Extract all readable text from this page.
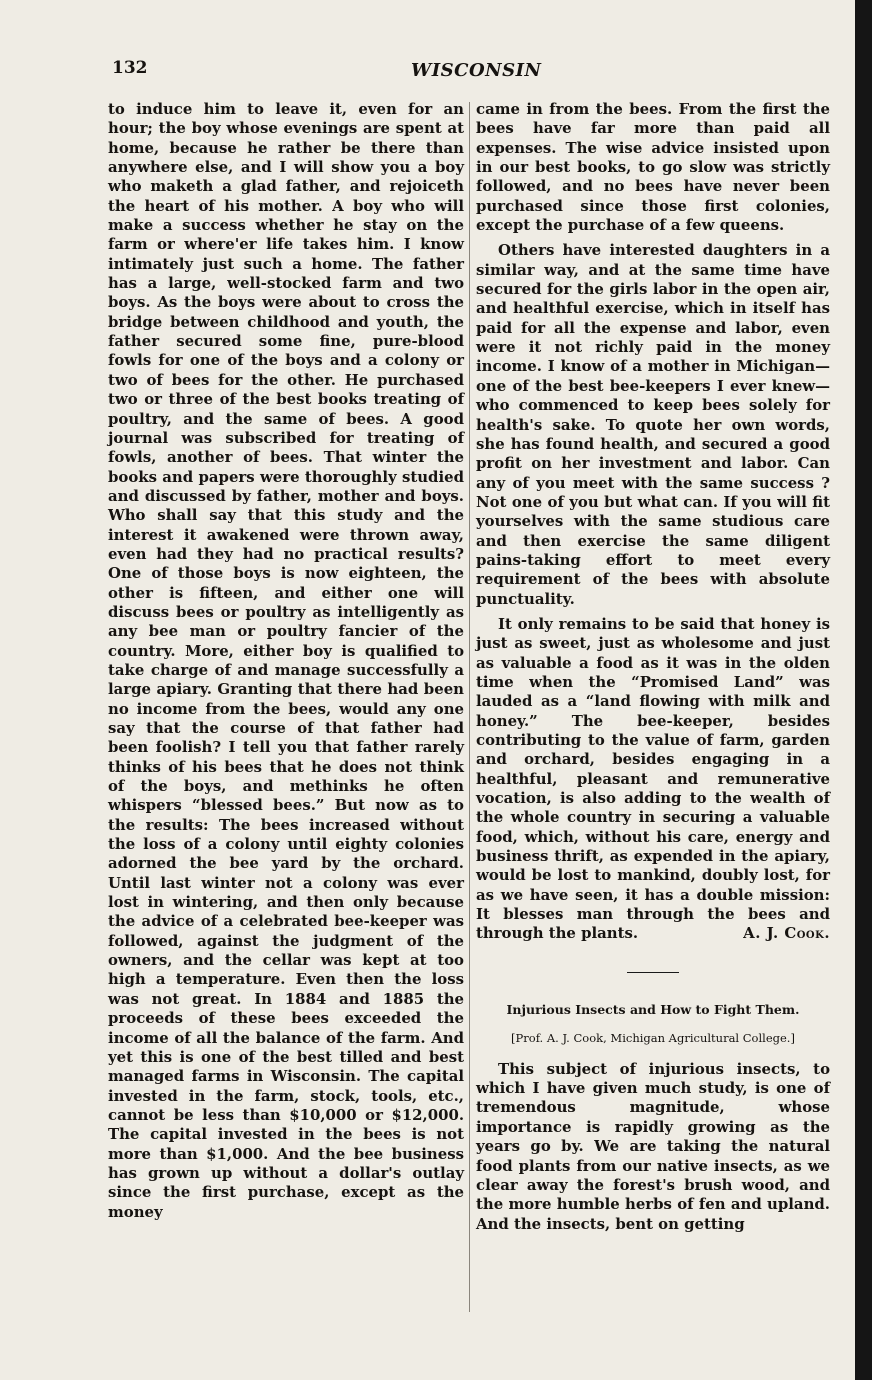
132	WISCONSIN

to induce him to leave it, even for an hour; the boy whose evenings are spent at home, because he rather be there than anywhere else, and I will show you a boy who maketh a glad father, and rejoiceth the heart of his mother. A boy who will make a success whether he stay on the farm or where'er life takes him. I know intimately just such a home. The father has a large, well-stocked farm and two boys. As the boys were about to cross the bridge between childhood and youth, the father secured some fine, pure-blood fowls for one of the boys and a colony or two of bees for the other. He purchased two or three of the best books treating of poultry, and the same of bees. A good journal was subscribed for treating of fowls, another of bees. That winter the books and papers were thoroughly studied and discussed by father, mother and boys. Who shall say that this study and the interest it awakened were thrown away, even had they had no practical results? One of those boys is now eighteen, the other is fifteen, and either one will discuss bees or poultry as intelligently as any bee man or poultry fancier of the country. More, either boy is qualified to take charge of and manage successfully a large apiary. Granting that there had been no income from the bees, would any one say that the course of that father had been foolish? I tell you that father rarely thinks of his bees that he does not think of the boys, and methinks he often whispers “blessed bees.” But now as to the results: The bees increased without the loss of a colony until eighty colonies adorned the bee yard by the orchard. Until last winter not a colony was ever lost in wintering, and then only because the advice of a celebrated bee-keeper was followed, against the judgment of the owners, and the cellar was kept at too high a temperature. Even then the loss was not great. In 1884 and 1885 the proceeds of these bees exceeded the income of all the balance of the farm. And yet this is one of the best tilled and best managed farms in Wisconsin. The capital invested in the farm, stock, tools, etc., cannot be less than $10,000 or $12,000. The capital invested in the bees is not more than $1,000. And the bee business has grown up without a dollar's outlay since the first purchase, except as the money

came in from the bees. From the first the bees have far more than paid all expenses. The wise advice insisted upon in our best books, to go slow was strictly followed, and no bees have never been purchased since those first colonies, except the purchase of a few queens.

Others have interested daughters in a similar way, and at the same time have secured for the girls labor in the open air, and healthful exercise, which in itself has paid for all the expense and labor, even were it not richly paid in the money income. I know of a mother in Michigan—one of the best bee-keepers I ever knew—who commenced to keep bees solely for health's sake. To quote her own words, she has found health, and secured a good profit on her investment and labor. Can any of you meet with the same success ? Not one of you but what can. If you will fit yourselves with the same studious care and then exercise the same diligent pains-taking effort to meet every requirement of the bees with absolute punctuality.

It only remains to be said that honey is just as sweet, just as wholesome and just as valuable a food as it was in the olden time when the “Promised Land” was lauded as a “land flowing with milk and honey.” The bee-keeper, besides contributing to the value of farm, garden and orchard, besides engaging in a healthful, pleasant and remunerative vocation, is also adding to the wealth of the whole country in securing a valuable food, which, without his care, energy and business thrift, as expended in the apiary, would be lost to mankind, doubly lost, for as we have seen, it has a double mission: It blesses man through the bees and through the plants.	A. J. Cook.

Injurious Insects and How to Fight Them.
[Prof. A. J. Cook, Michigan Agricultural College.]

This subject of injurious insects, to which I have given much study, is one of tremendous magnitude, whose importance is rapidly growing as the years go by. We are taking the natural food plants from our native insects, as we clear away the forest's brush wood, and the more humble herbs of fen and upland. And the insects, bent on getting
